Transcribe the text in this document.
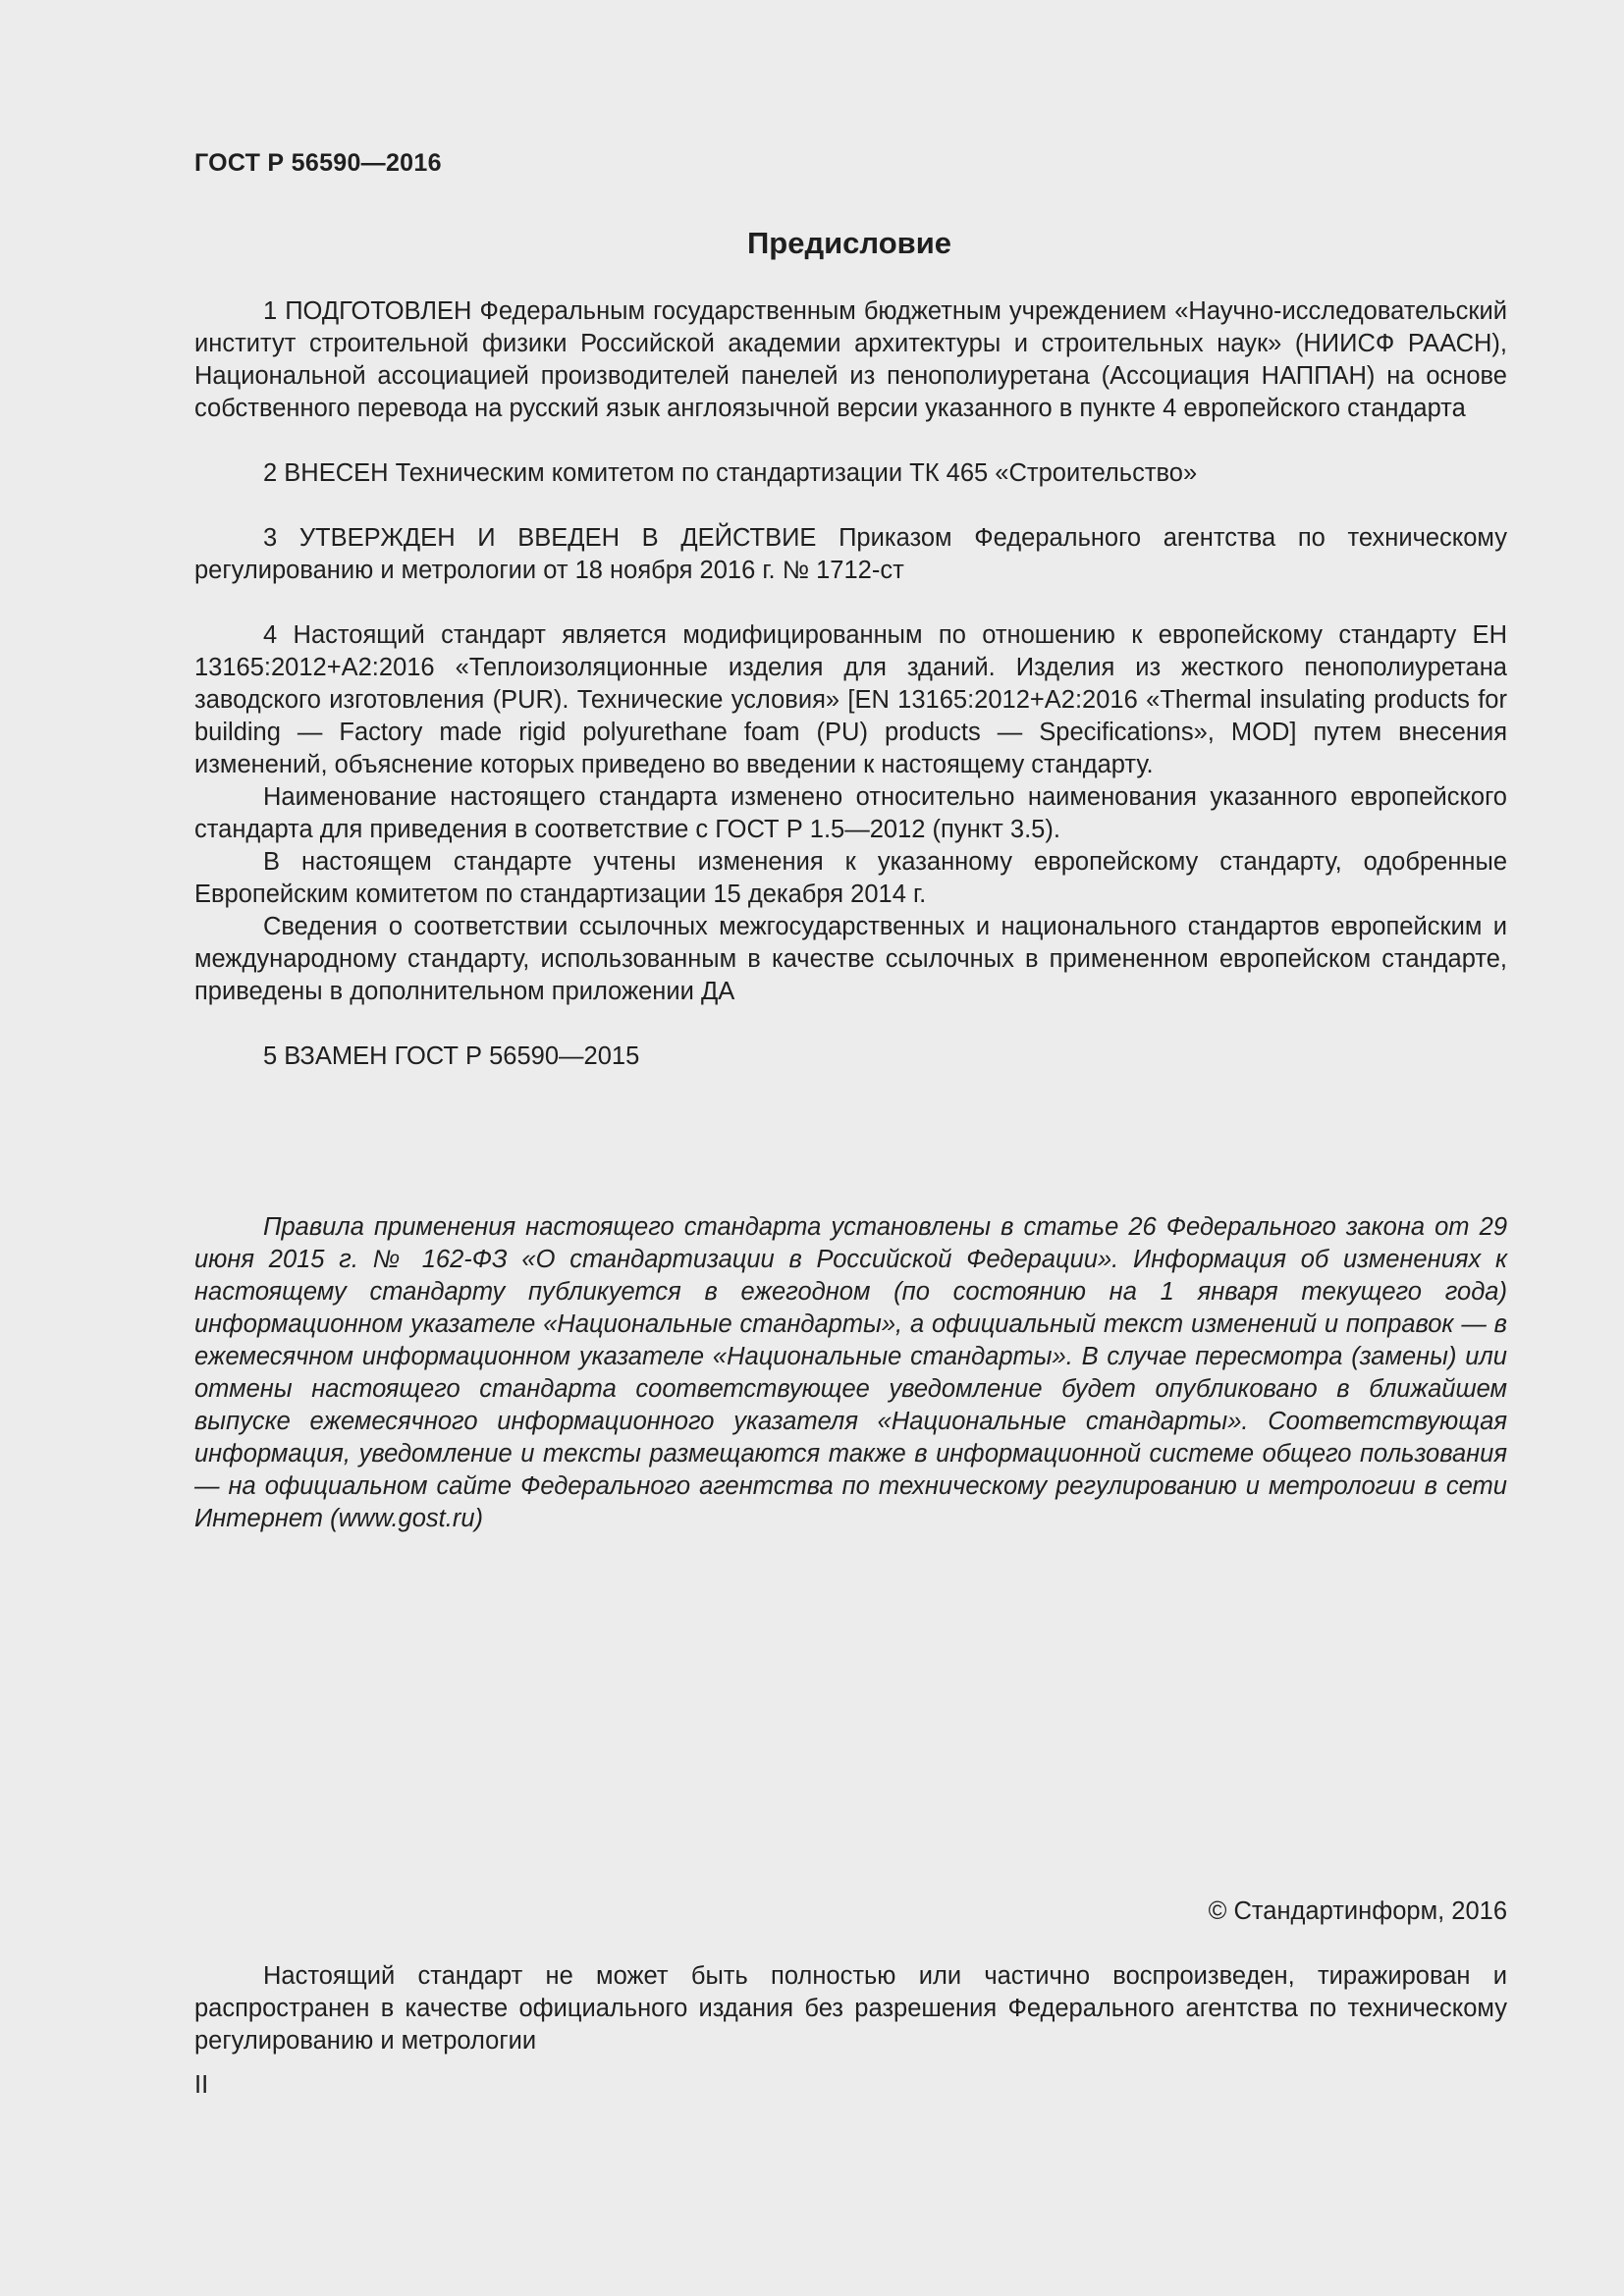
ГОСТ Р 56590—2016
Предисловие

1 ПОДГОТОВЛЕН Федеральным государственным бюджетным учреждением «Научно-исследовательский институт строительной физики Российской академии архитектуры и строительных наук» (НИИСФ РААСН), Национальной ассоциацией производителей панелей из пенополиуретана (Ассоциация НАППАН) на основе собственного перевода на русский язык англоязычной версии указанного в пункте 4 европейского стандарта

2 ВНЕСЕН Техническим комитетом по стандартизации ТК 465 «Строительство»

3 УТВЕРЖДЕН И ВВЕДЕН В ДЕЙСТВИЕ Приказом Федерального агентства по техническому регулированию и метрологии от 18 ноября 2016 г. № 1712-ст

4 Настоящий стандарт является модифицированным по отношению к европейскому стандарту ЕН 13165:2012+А2:2016 «Теплоизоляционные изделия для зданий. Изделия из жесткого пенополиуретана заводского изготовления (PUR). Технические условия» [EN 13165:2012+A2:2016 «Thermal insulating products for building — Factory made rigid polyurethane foam (PU) products — Specifications», MOD] путем внесения изменений, объяснение которых приведено во введении к настоящему стандарту.

Наименование настоящего стандарта изменено относительно наименования указанного европейского стандарта для приведения в соответствие с ГОСТ Р 1.5—2012 (пункт 3.5).

В настоящем стандарте учтены изменения к указанному европейскому стандарту, одобренные Европейским комитетом по стандартизации 15 декабря 2014 г.

Сведения о соответствии ссылочных межгосударственных и национального стандартов европейским и международному стандарту, использованным в качестве ссылочных в примененном европейском стандарте, приведены в дополнительном приложении ДА

5 ВЗАМЕН ГОСТ Р 56590—2015

Правила применения настоящего стандарта установлены в статье 26 Федерального закона от 29 июня 2015 г. № 162-ФЗ «О стандартизации в Российской Федерации». Информация об изменениях к настоящему стандарту публикуется в ежегодном (по состоянию на 1 января текущего года) информационном указателе «Национальные стандарты», а официальный текст изменений и поправок — в ежемесячном информационном указателе «Национальные стандарты». В случае пересмотра (замены) или отмены настоящего стандарта соответствующее уведомление будет опубликовано в ближайшем выпуске ежемесячного информационного указателя «Национальные стандарты». Соответствующая информация, уведомление и тексты размещаются также в информационной системе общего пользования — на официальном сайте Федерального агентства по техническому регулированию и метрологии в сети Интернет (www.gost.ru)

© Стандартинформ, 2016

Настоящий стандарт не может быть полностью или частично воспроизведен, тиражирован и распространен в качестве официального издания без разрешения Федерального агентства по техническому регулированию и метрологии

II
